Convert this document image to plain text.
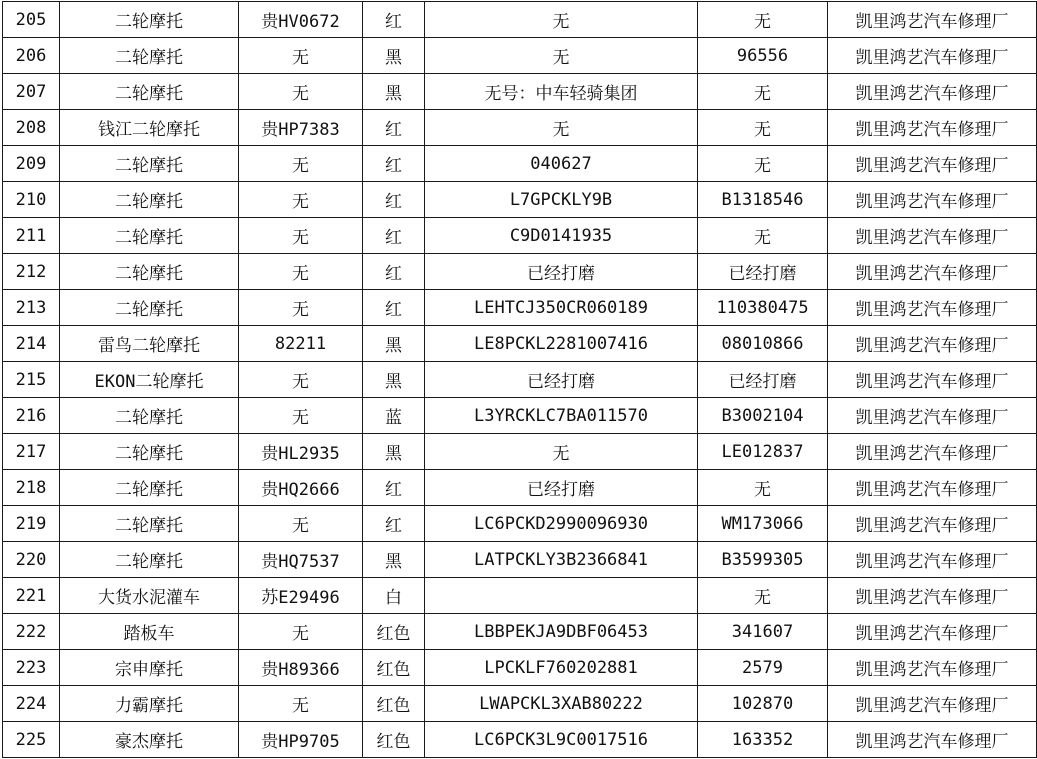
205	二轮摩托	贵HV0672	红	无	无	凯里鸿艺汽车修理厂
206	二轮摩托	无	黑	无	96556	凯里鸿艺汽车修理厂
207	二轮摩托	无	黑	无号：中车轻骑集团	无	凯里鸿艺汽车修理厂
208	钱江二轮摩托	贵HP7383	红	无	无	凯里鸿艺汽车修理厂
209	二轮摩托	无	红	040627	无	凯里鸿艺汽车修理厂
210	二轮摩托	无	红	L7GPCKLY9B	B1318546	凯里鸿艺汽车修理厂
211	二轮摩托	无	红	C9D0141935	无	凯里鸿艺汽车修理厂
212	二轮摩托	无	红	已经打磨	已经打磨	凯里鸿艺汽车修理厂
213	二轮摩托	无	红	LEHTCJ350CR060189	110380475	凯里鸿艺汽车修理厂
214	雷鸟二轮摩托	82211	黑	LE8PCKL2281007416	08010866	凯里鸿艺汽车修理厂
215	EKON二轮摩托	无	黑	已经打磨	已经打磨	凯里鸿艺汽车修理厂
216	二轮摩托	无	蓝	L3YRCKLC7BA011570	B3002104	凯里鸿艺汽车修理厂
217	二轮摩托	贵HL2935	黑	无	LE012837	凯里鸿艺汽车修理厂
218	二轮摩托	贵HQ2666	红	已经打磨	无	凯里鸿艺汽车修理厂
219	二轮摩托	无	红	LC6PCKD2990096930	WM173066	凯里鸿艺汽车修理厂
220	二轮摩托	贵HQ7537	黑	LATPCKLY3B2366841	B3599305	凯里鸿艺汽车修理厂
221	大货水泥灌车	苏E29496	白		无	凯里鸿艺汽车修理厂
222	踏板车	无	红色	LBBPEKJA9DBF06453	341607	凯里鸿艺汽车修理厂
223	宗申摩托	贵H89366	红色	LPCKLF760202881	2579	凯里鸿艺汽车修理厂
224	力霸摩托	无	红色	LWAPCKL3XAB80222	102870	凯里鸿艺汽车修理厂
225	豪杰摩托	贵HP9705	红色	LC6PCK3L9C0017516	163352	凯里鸿艺汽车修理厂
